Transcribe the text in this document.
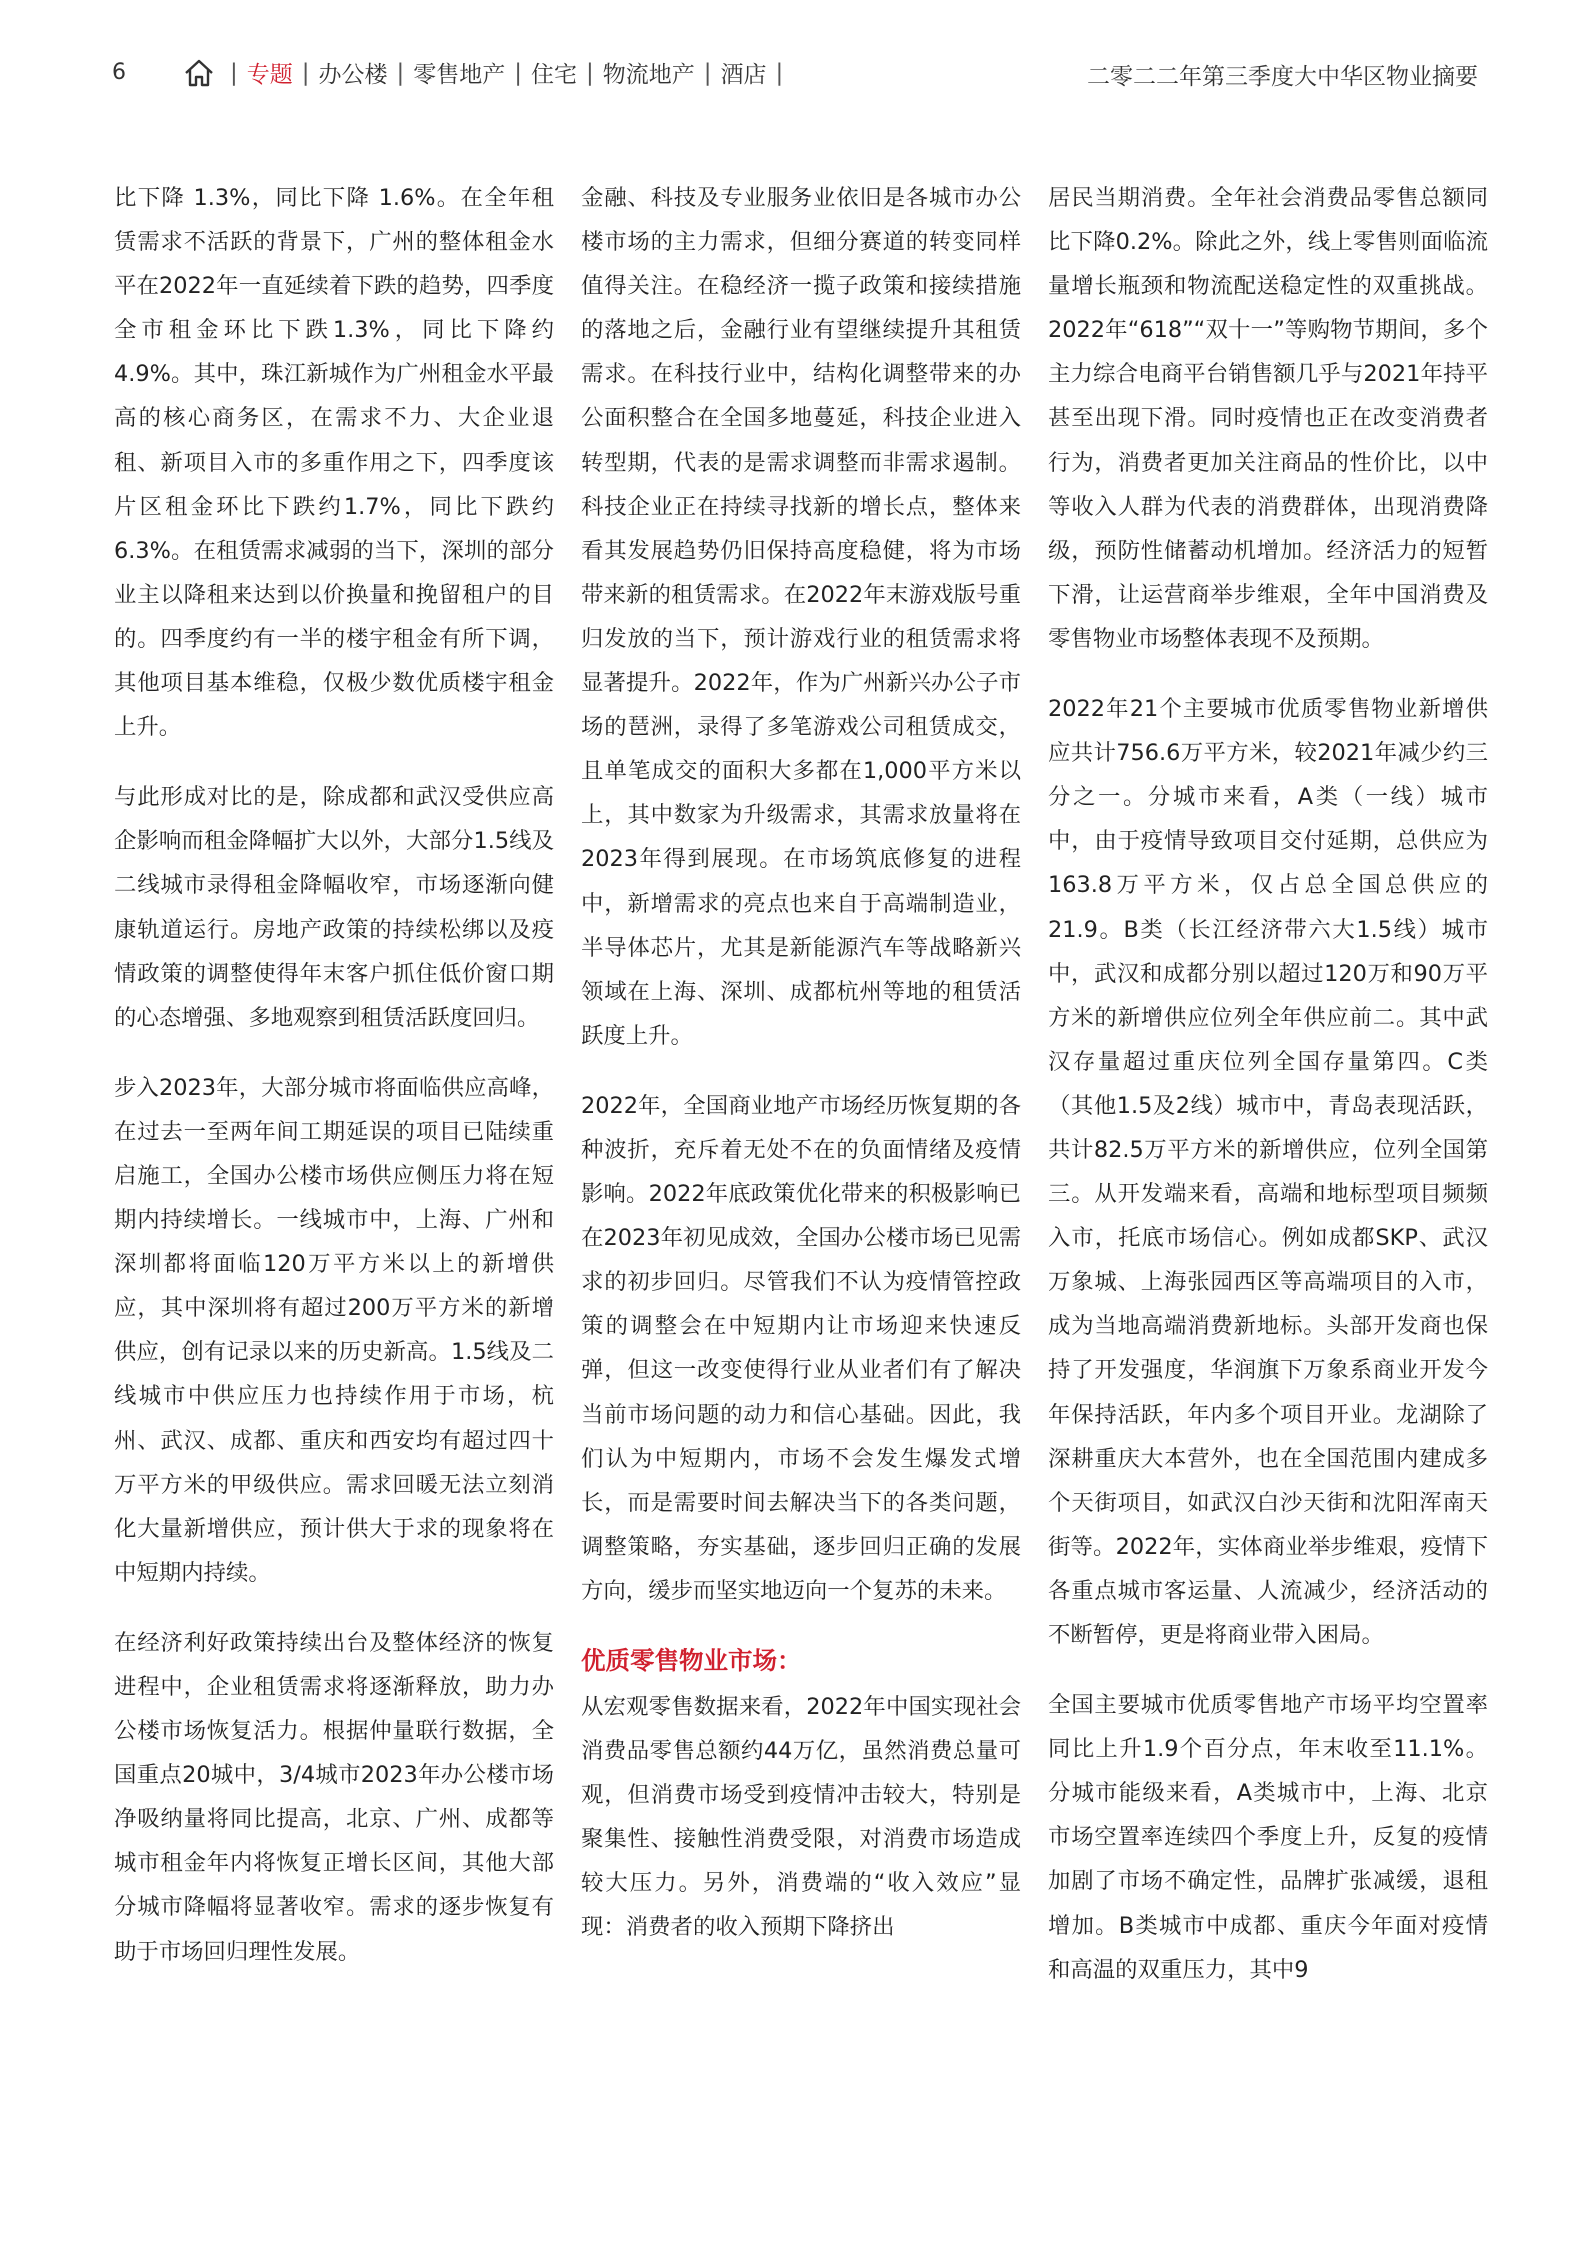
6	| 专题 | 办公楼 | 零售地产 | 住宅 | 物流地产 | 酒店 |	二零二二年第三季度大中华区物业摘要

比下降 1.3%，同比下降 1.6%。在全年租赁需求不活跃的背景下，广州的整体租金水平在2022年一直延续着下跌的趋势，四季度全市租金环比下跌1.3%，同比下降约4.9%。其中，珠江新城作为广州租金水平最高的核心商务区，在需求不力、大企业退租、新项目入市的多重作用之下，四季度该片区租金环比下跌约1.7%，同比下跌约6.3%。在租赁需求减弱的当下，深圳的部分业主以降租来达到以价换量和挽留租户的目的。四季度约有一半的楼宇租金有所下调，其他项目基本维稳，仅极少数优质楼宇租金上升。

与此形成对比的是，除成都和武汉受供应高企影响而租金降幅扩大以外，大部分1.5线及二线城市录得租金降幅收窄，市场逐渐向健康轨道运行。房地产政策的持续松绑以及疫情政策的调整使得年末客户抓住低价窗口期的心态增强、多地观察到租赁活跃度回归。

步入2023年，大部分城市将面临供应高峰，在过去一至两年间工期延误的项目已陆续重启施工，全国办公楼市场供应侧压力将在短期内持续增长。一线城市中，上海、广州和深圳都将面临120万平方米以上的新增供应，其中深圳将有超过200万平方米的新增供应，创有记录以来的历史新高。1.5线及二线城市中供应压力也持续作用于市场，杭州、武汉、成都、重庆和西安均有超过四十万平方米的甲级供应。需求回暖无法立刻消化大量新增供应，预计供大于求的现象将在中短期内持续。

在经济利好政策持续出台及整体经济的恢复进程中，企业租赁需求将逐渐释放，助力办公楼市场恢复活力。根据仲量联行数据，全国重点20城中，3/4城市2023年办公楼市场净吸纳量将同比提高，北京、广州、成都等城市租金年内将恢复正增长区间，其他大部分城市降幅将显著收窄。需求的逐步恢复有助于市场回归理性发展。

金融、科技及专业服务业依旧是各城市办公楼市场的主力需求，但细分赛道的转变同样值得关注。在稳经济一揽子政策和接续措施的落地之后，金融行业有望继续提升其租赁需求。在科技行业中，结构化调整带来的办公面积整合在全国多地蔓延，科技企业进入转型期，代表的是需求调整而非需求遏制。科技企业正在持续寻找新的增长点，整体来看其发展趋势仍旧保持高度稳健，将为市场带来新的租赁需求。在2022年末游戏版号重归发放的当下，预计游戏行业的租赁需求将显著提升。2022年，作为广州新兴办公子市场的琶洲，录得了多笔游戏公司租赁成交，且单笔成交的面积大多都在1,000平方米以上，其中数家为升级需求，其需求放量将在2023年得到展现。在市场筑底修复的进程中，新增需求的亮点也来自于高端制造业，半导体芯片，尤其是新能源汽车等战略新兴领域在上海、深圳、成都杭州等地的租赁活跃度上升。

2022年，全国商业地产市场经历恢复期的各种波折，充斥着无处不在的负面情绪及疫情影响。2022年底政策优化带来的积极影响已在2023年初见成效，全国办公楼市场已见需求的初步回归。尽管我们不认为疫情管控政策的调整会在中短期内让市场迎来快速反弹，但这一改变使得行业从业者们有了解决当前市场问题的动力和信心基础。因此，我们认为中短期内，市场不会发生爆发式增长，而是需要时间去解决当下的各类问题，调整策略，夯实基础，逐步回归正确的发展方向，缓步而坚实地迈向一个复苏的未来。

优质零售物业市场：

从宏观零售数据来看，2022年中国实现社会消费品零售总额约44万亿，虽然消费总量可观，但消费市场受到疫情冲击较大，特别是聚集性、接触性消费受限，对消费市场造成较大压力。另外，消费端的“收入效应”显现：消费者的收入预期下降挤出

居民当期消费。全年社会消费品零售总额同比下降0.2%。除此之外，线上零售则面临流量增长瓶颈和物流配送稳定性的双重挑战。2022年“618”“双十一”等购物节期间，多个主力综合电商平台销售额几乎与2021年持平甚至出现下滑。同时疫情也正在改变消费者行为，消费者更加关注商品的性价比，以中等收入人群为代表的消费群体，出现消费降级，预防性储蓄动机增加。经济活力的短暂下滑，让运营商举步维艰，全年中国消费及零售物业市场整体表现不及预期。

2022年21个主要城市优质零售物业新增供应共计756.6万平方米，较2021年减少约三分之一。分城市来看，A类（一线）城市中，由于疫情导致项目交付延期，总供应为163.8万平方米，仅占总全国总供应的21.9。B类（长江经济带六大1.5线）城市中，武汉和成都分别以超过120万和90万平方米的新增供应位列全年供应前二。其中武汉存量超过重庆位列全国存量第四。C类（其他1.5及2线）城市中，青岛表现活跃，共计82.5万平方米的新增供应，位列全国第三。从开发端来看，高端和地标型项目频频入市，托底市场信心。例如成都SKP、武汉万象城、上海张园西区等高端项目的入市，成为当地高端消费新地标。头部开发商也保持了开发强度，华润旗下万象系商业开发今年保持活跃，年内多个项目开业。龙湖除了深耕重庆大本营外，也在全国范围内建成多个天街项目，如武汉白沙天街和沈阳浑南天街等。2022年，实体商业举步维艰，疫情下各重点城市客运量、人流减少，经济活动的不断暂停，更是将商业带入困局。

全国主要城市优质零售地产市场平均空置率同比上升1.9个百分点，年末收至11.1%。分城市能级来看，A类城市中，上海、北京市场空置率连续四个季度上升，反复的疫情加剧了市场不确定性，品牌扩张减缓，退租增加。B类城市中成都、重庆今年面对疫情和高温的双重压力，其中9
